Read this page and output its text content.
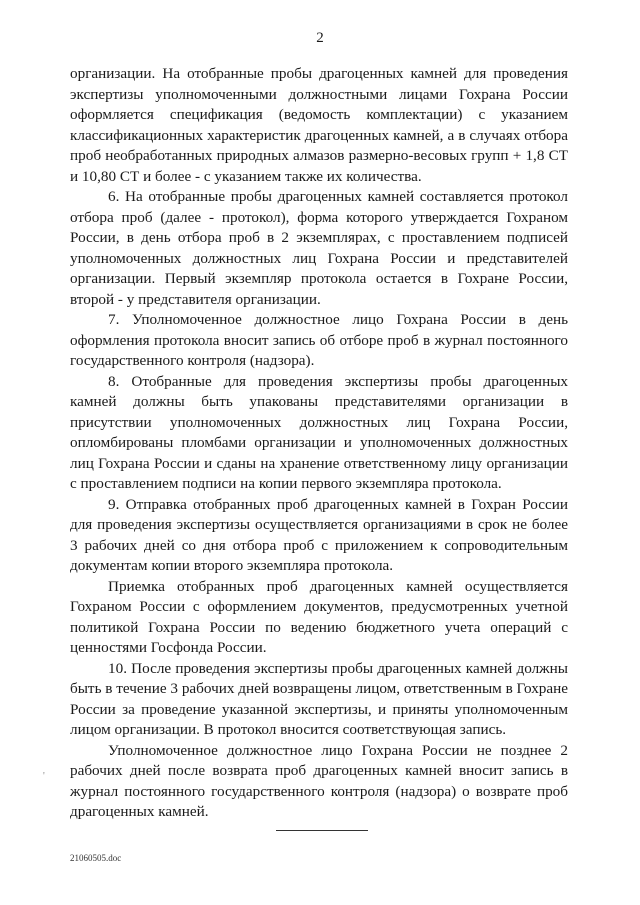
2

организации. На отобранные пробы драгоценных камней для проведения экспертизы уполномоченными должностными лицами Гохрана России оформляется спецификация (ведомость комплектации) с указанием классификационных характеристик драгоценных камней, а в случаях отбора проб необработанных природных алмазов размерно-весовых групп + 1,8 СТ и 10,80 СТ и более - с указанием также их количества.

6. На отобранные пробы драгоценных камней составляется протокол отбора проб (далее - протокол), форма которого утверждается Гохраном России, в день отбора проб в 2 экземплярах, с проставлением подписей уполномоченных должностных лиц Гохрана России и представителей организации. Первый экземпляр протокола остается в Гохране России, второй - у представителя организации.

7. Уполномоченное должностное лицо Гохрана России в день оформления протокола вносит запись об отборе проб в журнал постоянного государственного контроля (надзора).

8. Отобранные для проведения экспертизы пробы драгоценных камней должны быть упакованы представителями организации в присутствии уполномоченных должностных лиц Гохрана России, опломбированы пломбами организации и уполномоченных должностных лиц Гохрана России и сданы на хранение ответственному лицу организации с проставлением подписи на копии первого экземпляра протокола.

9. Отправка отобранных проб драгоценных камней в Гохран России для проведения экспертизы осуществляется организациями в срок не более 3 рабочих дней со дня отбора проб с приложением к сопроводительным документам копии второго экземпляра протокола.

Приемка отобранных проб драгоценных камней осуществляется Гохраном России с оформлением документов, предусмотренных учетной политикой Гохрана России по ведению бюджетного учета операций с ценностями Госфонда России.

10. После проведения экспертизы пробы драгоценных камней должны быть в течение 3 рабочих дней возвращены лицом, ответственным в Гохране России за проведение указанной экспертизы, и приняты уполномоченным лицом организации. В протокол вносится соответствующая запись.

Уполномоченное должностное лицо Гохрана России не позднее 2 рабочих дней после возврата проб драгоценных камней вносит запись в журнал постоянного государственного контроля (надзора) о возврате проб драгоценных камней.

'
21060505.doc
